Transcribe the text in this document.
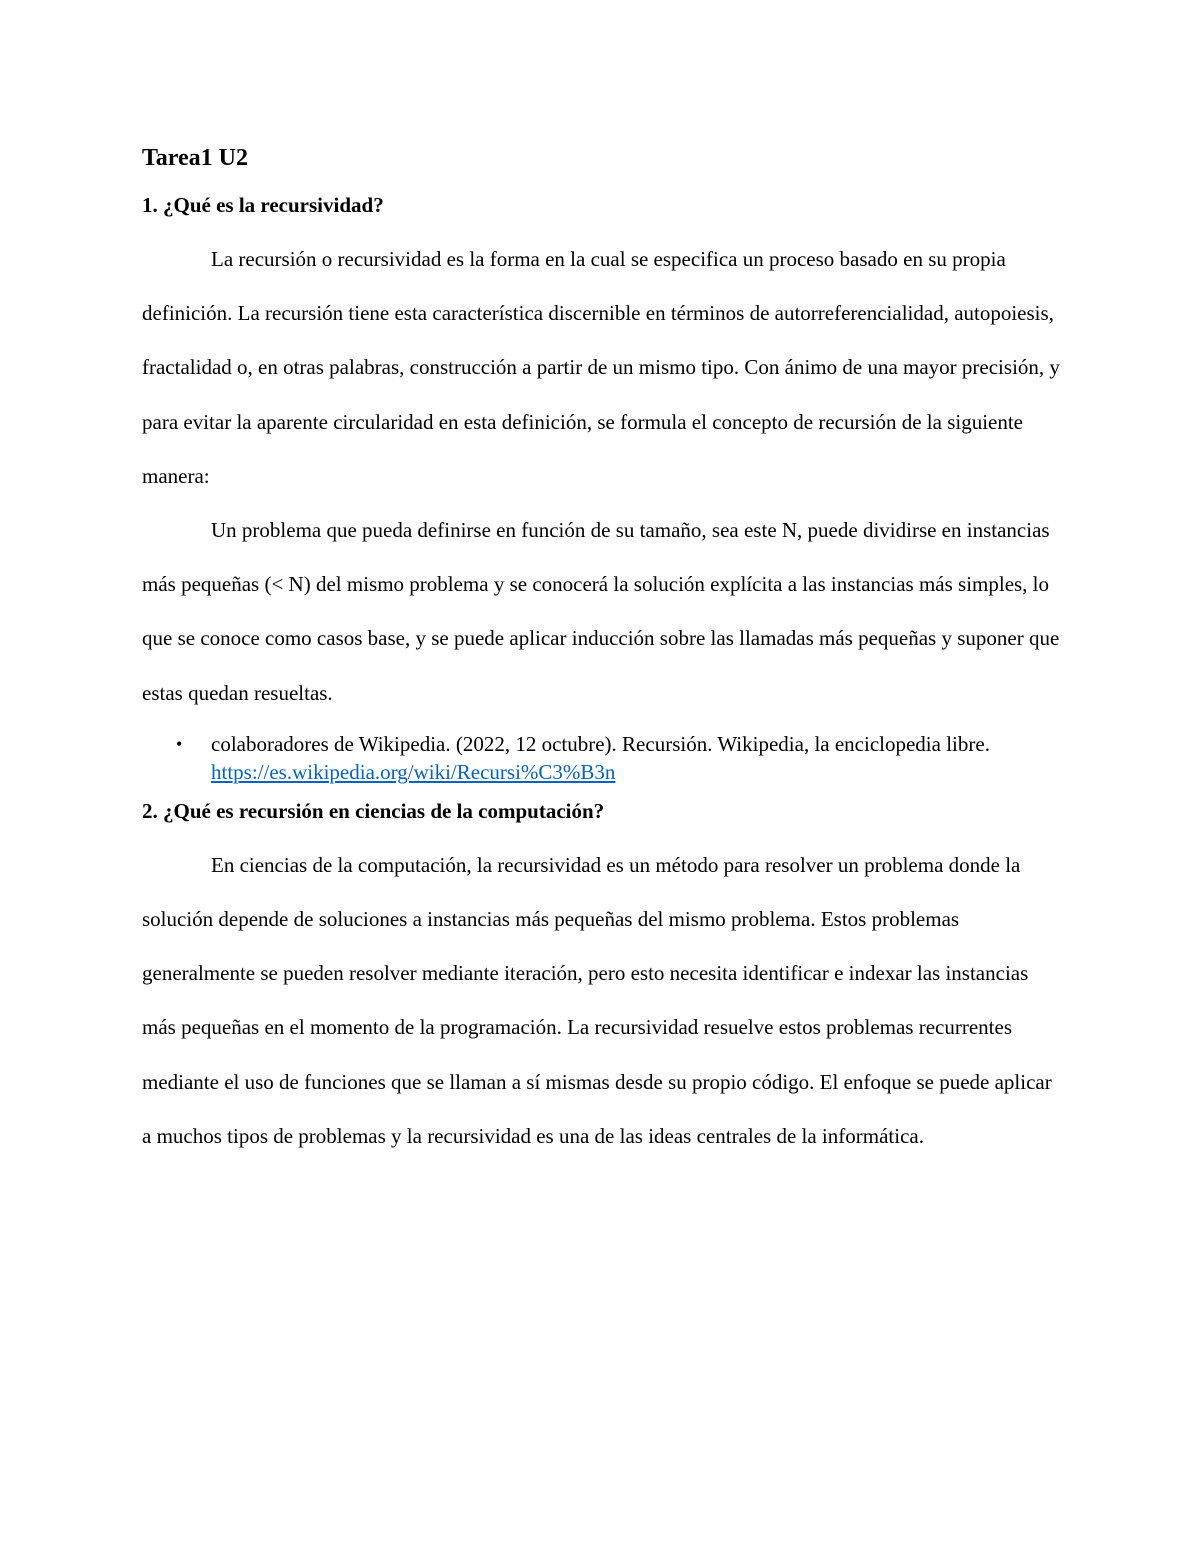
Tarea1 U2
1. ¿Qué es la recursividad?

La recursión o recursividad es la forma en la cual se especifica un proceso basado en su propia definición. La recursión tiene esta característica discernible en términos de autorreferencialidad, autopoiesis, fractalidad o, en otras palabras, construcción a partir de un mismo tipo. Con ánimo de una mayor precisión, y para evitar la aparente circularidad en esta definición, se formula el concepto de recursión de la siguiente manera:

Un problema que pueda definirse en función de su tamaño, sea este N, puede dividirse en instancias más pequeñas (< N) del mismo problema y se conocerá la solución explícita a las instancias más simples, lo que se conoce como casos base, y se puede aplicar inducción sobre las llamadas más pequeñas y suponer que estas quedan resueltas.

• colaboradores de Wikipedia. (2022, 12 octubre). Recursión. Wikipedia, la enciclopedia libre. https://es.wikipedia.org/wiki/Recursi%C3%B3n
2. ¿Qué es recursión en ciencias de la computación?

En ciencias de la computación, la recursividad es un método para resolver un problema donde la solución depende de soluciones a instancias más pequeñas del mismo problema. Estos problemas generalmente se pueden resolver mediante iteración, pero esto necesita identificar e indexar las instancias más pequeñas en el momento de la programación. La recursividad resuelve estos problemas recurrentes mediante el uso de funciones que se llaman a sí mismas desde su propio código. El enfoque se puede aplicar a muchos tipos de problemas y la recursividad es una de las ideas centrales de la informática.
